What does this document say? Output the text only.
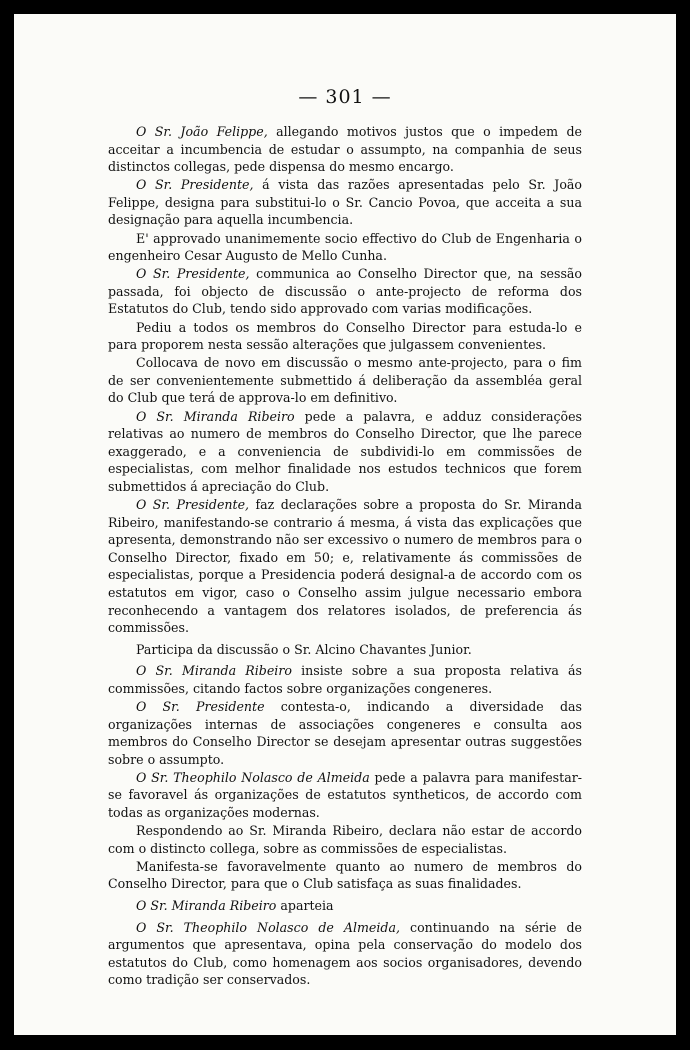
— 301 —

O Sr. João Felippe, allegando motivos justos que o impedem de acceitar a incumbencia de estudar o assumpto, na companhia de seus distinctos collegas, pede dispensa do mesmo encargo.

O Sr. Presidente, á vista das razões apresentadas pelo Sr. João Felippe, designa para substitui-lo o Sr. Cancio Povoa, que acceita a sua designação para aquella incumbencia.

E' approvado unanimemente socio effectivo do Club de Engenharia o engenheiro Cesar Augusto de Mello Cunha.

O Sr. Presidente, communica ao Conselho Director que, na sessão passada, foi objecto de discussão o ante-projecto de reforma dos Estatutos do Club, tendo sido approvado com varias modificações.

Pediu a todos os membros do Conselho Director para estuda-lo e para proporem nesta sessão alterações que julgassem convenientes.

Collocava de novo em discussão o mesmo ante-projecto, para o fim de ser convenientemente submettido á deliberação da assembléa geral do Club que terá de approva-lo em definitivo.

O Sr. Miranda Ribeiro pede a palavra, e adduz considerações relativas ao numero de membros do Conselho Director, que lhe parece exaggerado, e a conveniencia de subdividi-lo em commissões de especialistas, com melhor finalidade nos estudos technicos que forem submettidos á apreciação do Club.

O Sr. Presidente, faz declarações sobre a proposta do Sr. Miranda Ribeiro, manifestando-se contrario á mesma, á vista das explicações que apresenta, demonstrando não ser excessivo o numero de membros para o Conselho Director, fixado em 50; e, relativamente ás commissões de especialistas, porque a Presidencia poderá designal-a de accordo com os estatutos em vigor, caso o Conselho assim julgue necessario embora reconhecendo a vantagem dos relatores isolados, de preferencia ás commissões.

Participa da discussão o Sr. Alcino Chavantes Junior.

O Sr. Miranda Ribeiro insiste sobre a sua proposta relativa ás commissões, citando factos sobre organizações congeneres.

O Sr. Presidente contesta-o, indicando a diversidade das organizações internas de associações congeneres e consulta aos membros do Conselho Director se desejam apresentar outras suggestões sobre o assumpto.

O Sr. Theophilo Nolasco de Almeida pede a palavra para manifestar-se favoravel ás organizações de estatutos syntheticos, de accordo com todas as organizações modernas.

Respondendo ao Sr. Miranda Ribeiro, declara não estar de accordo com o distincto collega, sobre as commissões de especialistas.

Manifesta-se favoravelmente quanto ao numero de membros do Conselho Director, para que o Club satisfaça as suas finalidades.

O Sr. Miranda Ribeiro aparteia

O Sr. Theophilo Nolasco de Almeida, continuando na série de argumentos que apresentava, opina pela conservação do modelo dos estatutos do Club, como homenagem aos socios organisadores, devendo como tradição ser conservados.
